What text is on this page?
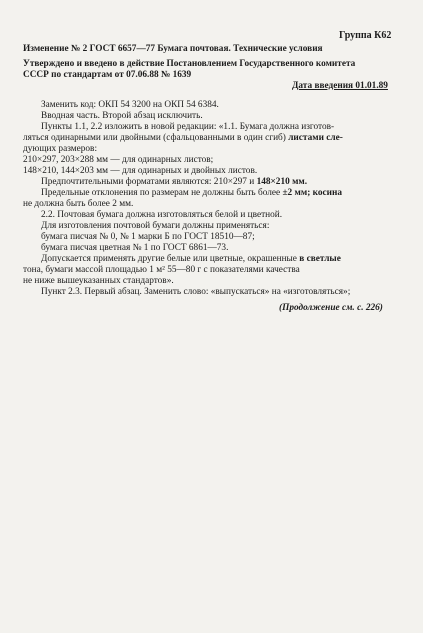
Группа К62
Изменение № 2 ГОСТ 6657—77 Бумага почтовая. Технические условия
Утверждено и введено в действие Постановлением Государственного комитета
СССР по стандартам от 07.06.88 № 1639
Дата введения 01.01.89
Заменить код: ОКП 54 3200 на ОКП 54 6384.
Вводная часть. Второй абзац исключить.
Пункты 1.1, 2.2 изложить в новой редакции: «1.1. Бумага должна изготов-
ляться одинарными или двойными (сфальцованными в один сгиб) листами сле-
дующих размеров:
210×297, 203×288 мм — для одинарных листов;
148×210, 144×203 мм — для одинарных и двойных листов.
Предпочтительными форматами являются: 210×297 и 148×210 мм.
Предельные отклонения по размерам не должны быть более ±2 мм; косина
не должна быть более 2 мм.
2.2. Почтовая бумага должна изготовляться белой и цветной.
Для изготовления почтовой бумаги должны применяться:
бумага писчая № 0, № 1 марки Б по ГОСТ 18510—87;
бумага писчая цветная № 1 по ГОСТ 6861—73.
Допускается применять другие белые или цветные, окрашенные в светлые
тона, бумаги массой площадью 1 м² 55—80 г с показателями качества
не ниже вышеуказанных стандартов».
Пункт 2.3. Первый абзац. Заменить слово: «выпускаться» на «изготовляться»;
(Продолжение см. с. 226)
